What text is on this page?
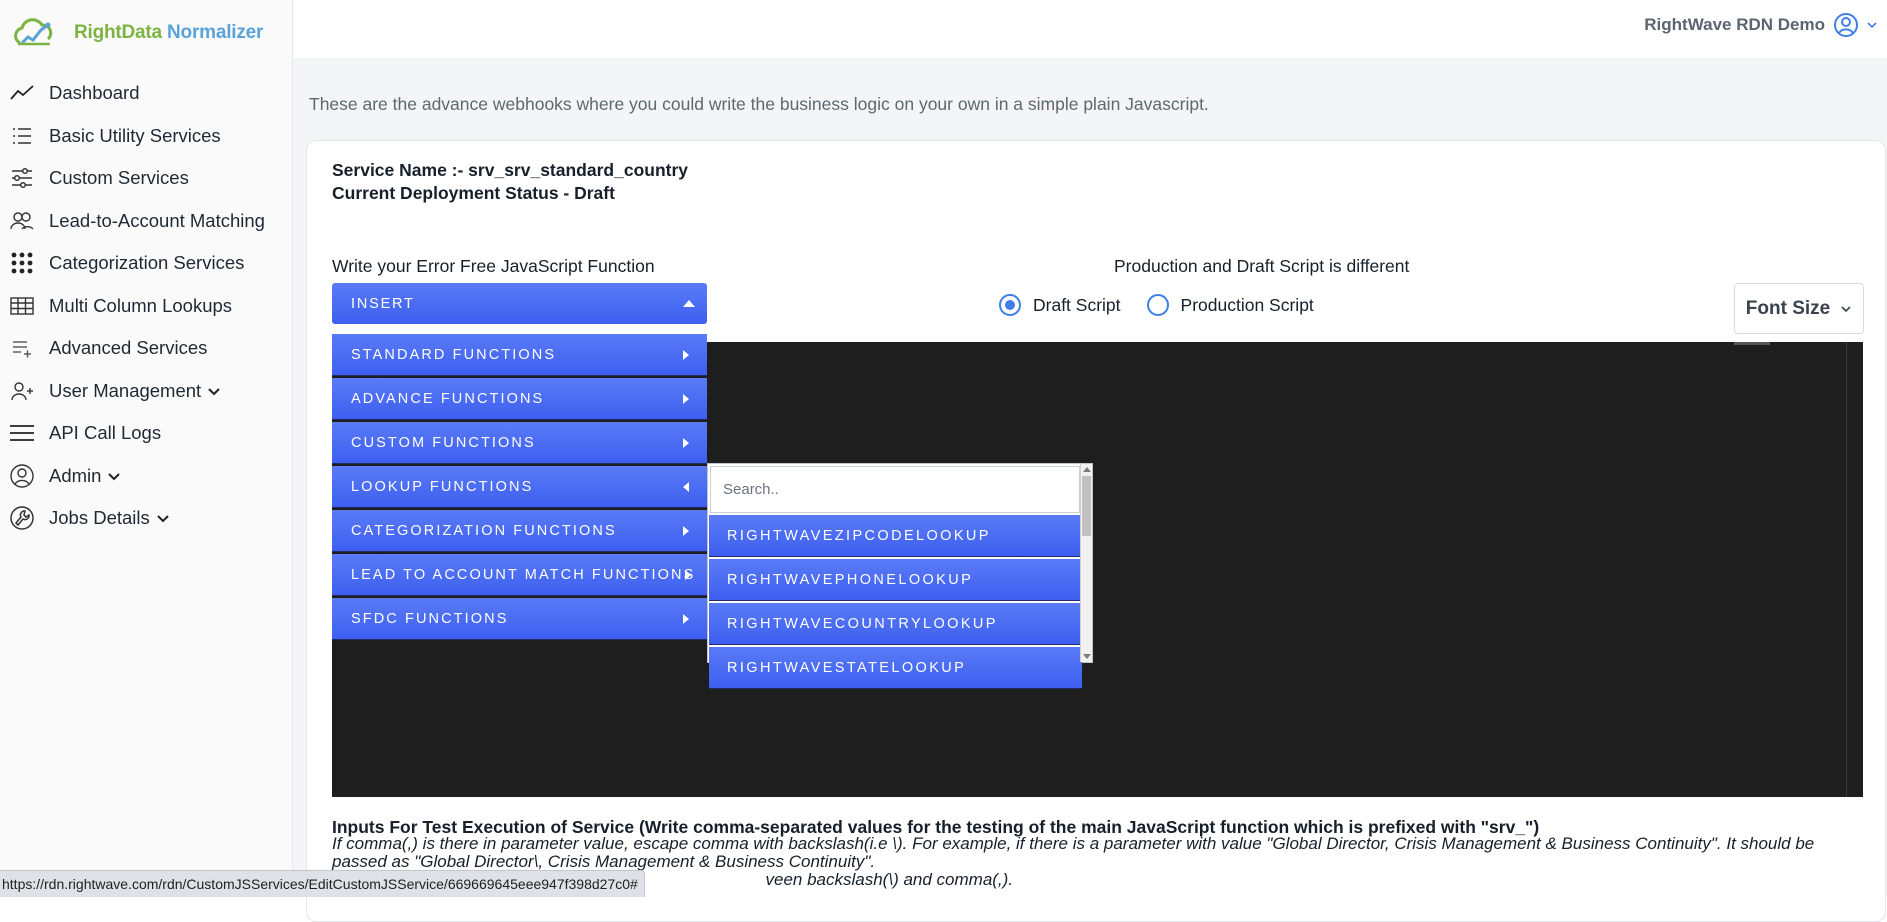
RightData Normalizer
Dashboard
Basic Utility Services
Custom Services
Lead-to-Account Matching
Categorization Services
Multi Column Lookups
Advanced Services
User Management
API Call Logs
Admin
Jobs Details
RightWave RDN Demo
These are the advance webhooks where you could write the business logic on your own in a simple plain Javascript.
Service Name :- srv_srv_standard_country
Current Deployment Status - Draft
Write your Error Free JavaScript Function	Production and Draft Script is different
Draft Script	Production Script	Font Size
INSERT
STANDARD FUNCTIONS
ADVANCE FUNCTIONS
CUSTOM FUNCTIONS
LOOKUP FUNCTIONS
CATEGORIZATION FUNCTIONS
LEAD TO ACCOUNT MATCH FUNCTIONS
SFDC FUNCTIONS
Search..
RIGHTWAVEZIPCODELOOKUP
RIGHTWAVEPHONELOOKUP
RIGHTWAVECOUNTRYLOOKUP
RIGHTWAVESTATELOOKUP
Inputs For Test Execution of Service (Write comma-separated values for the testing of the main JavaScript function which is prefixed with "srv_")
If comma(,) is there in parameter value, escape comma with backslash(i.e \). For example, if there is a parameter with value "Global Director, Crisis Management & Business Continuity". It should be passed as "Global Director\, Crisis Management & Business Continuity".
veen backslash(\) and comma(,).
https://rdn.rightwave.com/rdn/CustomJSServices/EditCustomJSService/669669645eee947f398d27c0#
